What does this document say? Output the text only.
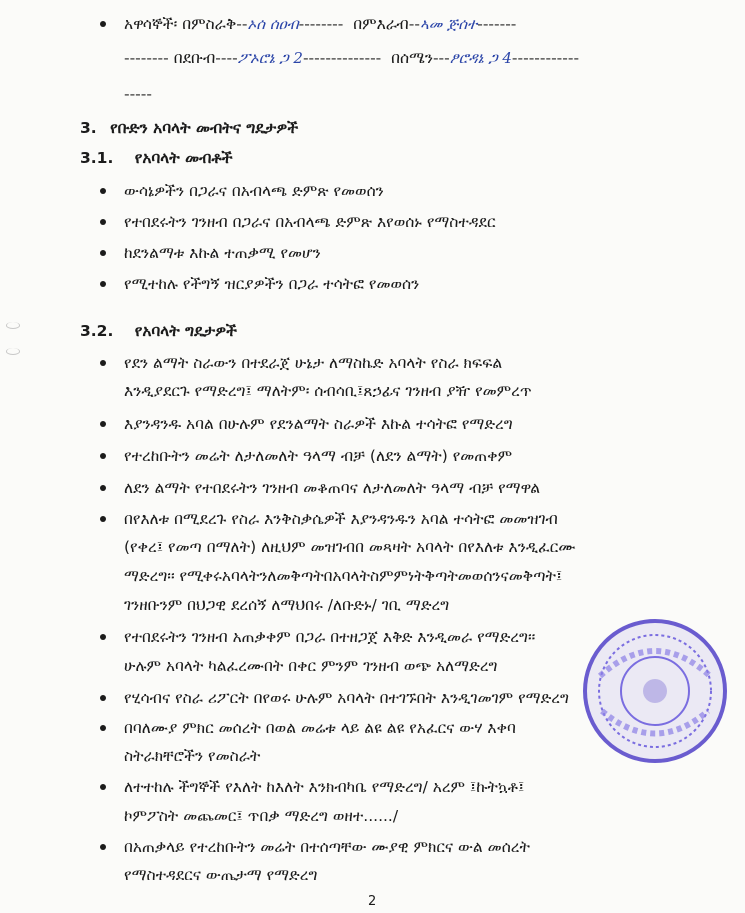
አዋሳኞች፡ በምስራቅ--ኦሰ ሰዐብ-------- በምእራብ--ኣመ ጅሰተ-------
-------- በደቡብ----ፖኦሮኔ ጋ 2-------------- በሰሜን---ፆሮዳኔ ጋ 4------------
-----
3. የቡድን አባላት መብትና ግዴታዎች
3.1. የአባላት መብቶች
ውሳኔዎችን በጋራና በአብላጫ ድምጽ የመወሰን
የተበደሩትን ገንዘብ በጋራና በአብላጫ ድምጽ እየወሰኑ የማስተዳደር
ከደንልማቱ እኩል ተጠቃሚ የመሆን
የሚተከሉ የችግኝ ዝርያዎችን በጋራ ተሳትፎ የመወሰን
3.2. የአባላት ግዴታዎች
የደን ልማት ስራውን በተደራጀ ሁኔታ ለማስኬድ አባላት የስራ ክፍፍል
እንዲያደርጉ የማድረግ፤ ማለትም፡ ሰብሳቢ፤ጸኃፊና ገንዘብ ያዥ የመምረጥ
እያንዳንዱ አባል በሁሉም የደንልማት ስራዎች እኩል ተሳትፎ የማድረግ
የተረከቡትን መሬት ለታለመለት ዓላማ ብቻ (ለደን ልማት) የመጠቀም
ለደን ልማት የተበደሩትን ገንዘብ መቆጠባና ለታለመለት ዓላማ ብቻ የማዋል
በየእለቱ በሚደረጉ የስራ እንቅስቃሴዎች እያንዳንዱን አባል ተሳትፎ መመዝገብ
(የቀረ፤ የመጣ በማለት) ለዚህም መዝገብበ መጻዛት አባላት በየእለቱ እንዲፈርሙ
ማድረግ፡፡ የሚቀሩአባላትንለመቅጣትበአባላትስምምነትቅጣትመወሰንናመቅጣት፤
ገንዘቡንም በህጋዊ ደረሰኝ ለማህበሩ /ለቡድኑ/ ገቢ ማድረግ
የተበደሩትን ገንዘብ አጠቃቀም በጋራ በተዘጋጀ እቅድ እንዲመራ የማድረግ፡፡
ሁሉም አባላት ካልፈረሙበት በቀር ምንም ገንዘብ ወጭ አለማድረግ
የሂሳብና የስራ ሪፖርት በየወሩ ሁሉም አባላት በተገኙበት እንዲገመገም የማድረግ
በባለሙያ ምክር መሰረት በወል መሬቱ ላይ ልዩ ልዩ የአፈርና ውሃ እቀባ
ስትራክቸሮችን የመስራት
ለተተከሉ ችግኞች የእለት ከእለት እንክብካቤ የማድረግ/ አረም ፤ኩትኳቶ፤
ኮምፖስት መጨመር፤ ጥበቃ ማድረግ ወዘተ....../
በአጠቃላይ የተረከቡትን መሬት በተሰጣቸው ሙያዊ ምክርና ውል መሰረት
የማስተዳደርና ውጤታማ የማድረግ
2
